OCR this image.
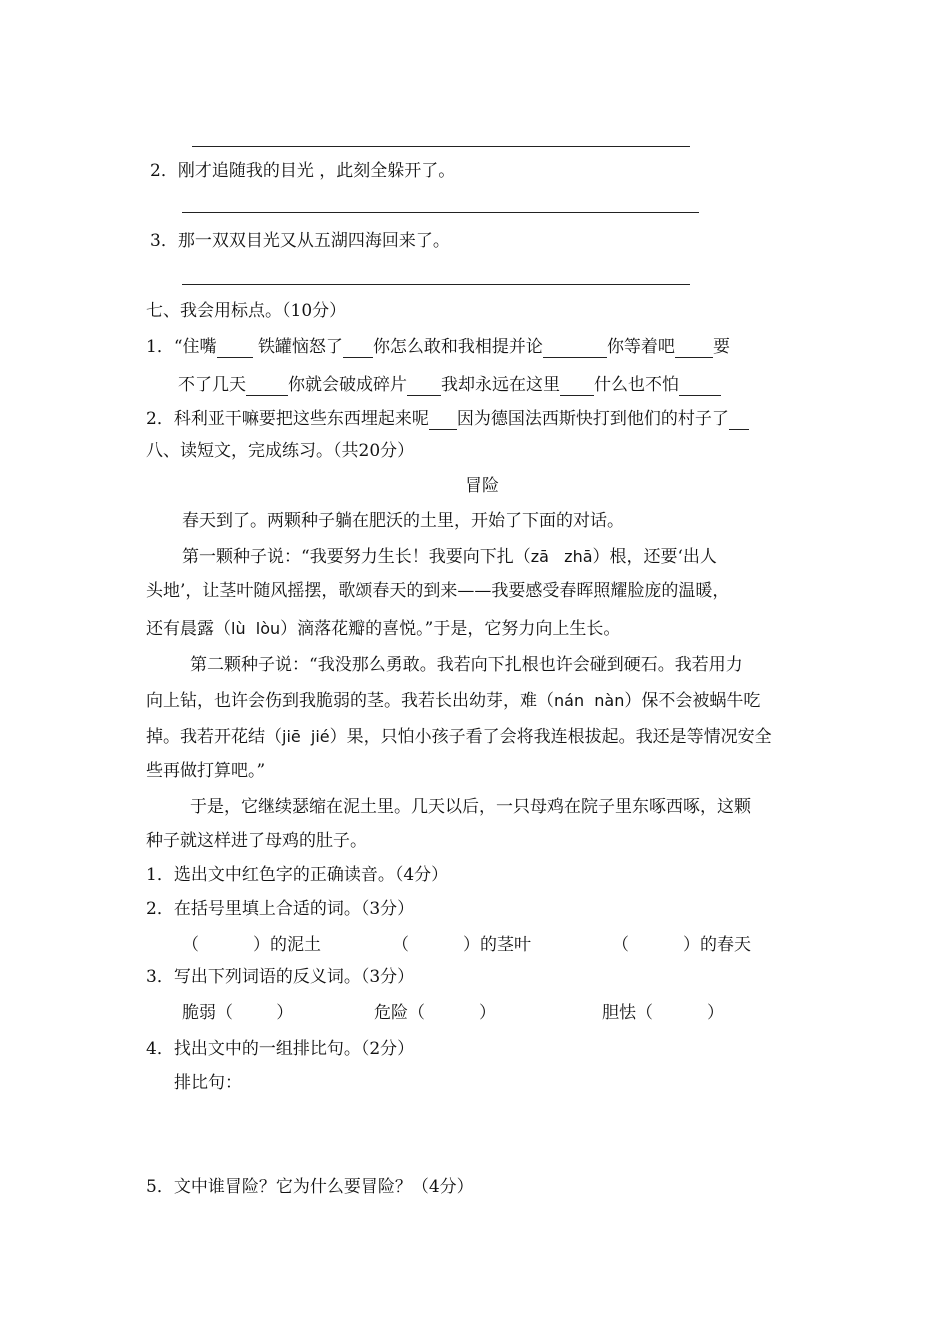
2．刚才追随我的目光 ，此刻全躲开了。
3．那一双双目光又从五湖四海回来了。
七、我会用标点。（10分）
1．“住嘴 铁罐恼怒了 你怎么敢和我相提并论	你等着吧 要
不了几天 你就会破成碎片 我却永远在这里 什么也不怕
2．科利亚干嘛要把这些东西埋起来呢 因为德国法西斯快打到他们的村子了
八、读短文，完成练习。（共20分）
冒险
春天到了。两颗种子躺在肥沃的土里，开始了下面的对话。
第一颗种子说：“我要努力生长！我要向下扎（zā   zhā）根，还要‘出人
头地’，让茎叶随风摇摆，歌颂春天的到来——我要感受春晖照耀脸庞的温暖，
还有晨露（lù  lòu）滴落花瓣的喜悦。”于是，它努力向上生长。
第二颗种子说：“我没那么勇敢。我若向下扎根也许会碰到硬石。我若用力
向上钻，也许会伤到我脆弱的茎。我若长出幼芽，难（nán  nàn）保不会被蜗牛吃
掉。我若开花结（jiē  jié）果，只怕小孩子看了会将我连根拔起。我还是等情况安全
些再做打算吧。”
于是，它继续瑟缩在泥土里。几天以后，一只母鸡在院子里东啄西啄，这颗
种子就这样进了母鸡的肚子。
1．选出文中红色字的正确读音。（4分）
2．在括号里填上合适的词。（3分）
（          ）的泥土	（          ）的茎叶	（          ）的春天
3．写出下列词语的反义词。（3分）
脆弱（        ）	危险（          ）	胆怯（          ）
4．找出文中的一组排比句。（2分）
排比句：
5．文中谁冒险？它为什么要冒险？（4分）
